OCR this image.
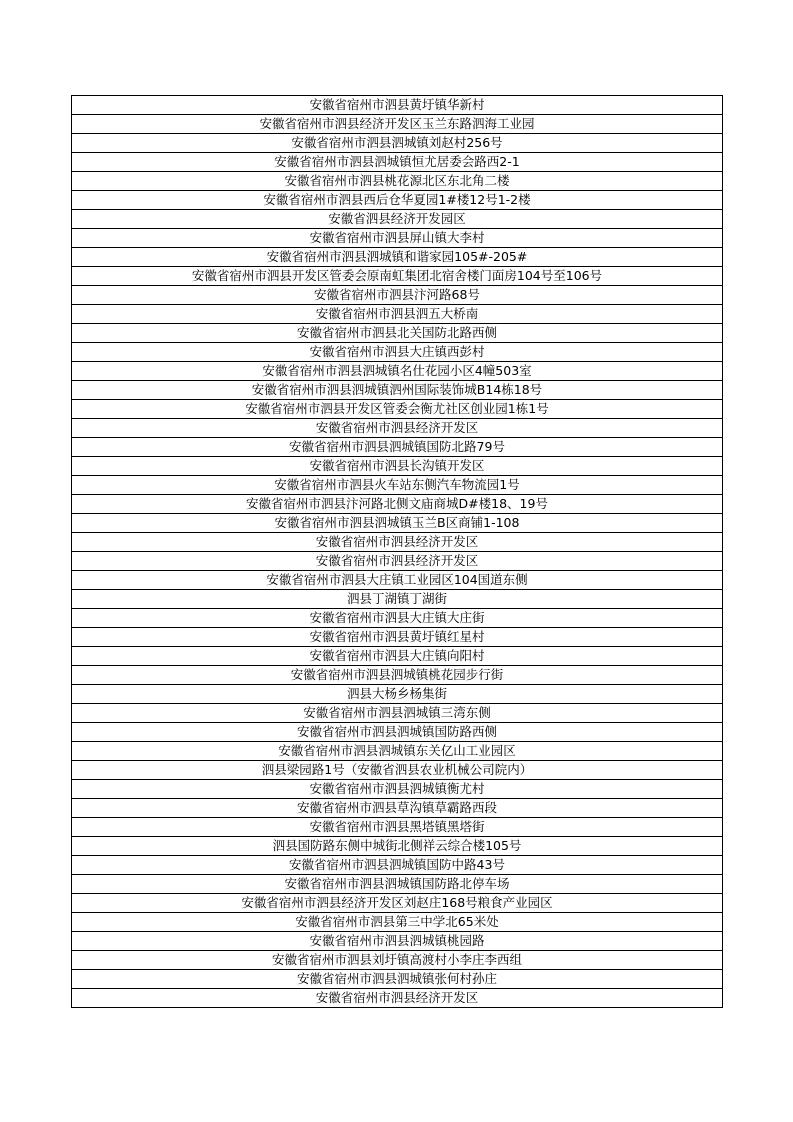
安徽省宿州市泗县黄圩镇华新村
安徽省宿州市泗县经济开发区玉兰东路泗海工业园
安徽省宿州市泗县泗城镇刘赵村256号
安徽省宿州市泗县泗城镇恒尤居委会路西2-1
安徽省宿州市泗县桃花源北区东北角二楼
安徽省宿州市泗县西后仓华夏园1#楼12号1-2楼
安徽省泗县经济开发园区
安徽省宿州市泗县屏山镇大李村
安徽省宿州市泗县泗城镇和谐家园105#-205#
安徽省宿州市泗县开发区管委会原南虹集团北宿舍楼门面房104号至106号
安徽省宿州市泗县汴河路68号
安徽省宿州市泗县泗五大桥南
安徽省宿州市泗县北关国防北路西侧
安徽省宿州市泗县大庄镇西彭村
安徽省宿州市泗县泗城镇名仕花园小区4幢503室
安徽省宿州市泗县泗城镇泗州国际装饰城B14栋18号
安徽省宿州市泗县开发区管委会衡尤社区创业园1栋1号
安徽省宿州市泗县经济开发区
安徽省宿州市泗县泗城镇国防北路79号
安徽省宿州市泗县长沟镇开发区
安徽省宿州市泗县火车站东侧汽车物流园1号
安徽省宿州市泗县汴河路北侧文庙商城D#楼18、19号
安徽省宿州市泗县泗城镇玉兰B区商铺1-108
安徽省宿州市泗县经济开发区
安徽省宿州市泗县经济开发区
安徽省宿州市泗县大庄镇工业园区104国道东侧
泗县丁湖镇丁湖街
安徽省宿州市泗县大庄镇大庄街
安徽省宿州市泗县黄圩镇红星村
安徽省宿州市泗县大庄镇向阳村
安徽省宿州市泗县泗城镇桃花园步行街
泗县大杨乡杨集街
安徽省宿州市泗县泗城镇三湾东侧
安徽省宿州市泗县泗城镇国防路西侧
安徽省宿州市泗县泗城镇东关亿山工业园区
泗县梁园路1号（安徽省泗县农业机械公司院内）
安徽省宿州市泗县泗城镇衡尤村
安徽省宿州市泗县草沟镇草霸路西段
安徽省宿州市泗县黑塔镇黑塔街
泗县国防路东侧中城街北侧祥云综合楼105号
安徽省宿州市泗县泗城镇国防中路43号
安徽省宿州市泗县泗城镇国防路北停车场
安徽省宿州市泗县经济开发区刘赵庄168号粮食产业园区
安徽省宿州市泗县第三中学北65米处
安徽省宿州市泗县泗城镇桃园路
安徽省宿州市泗县刘圩镇高渡村小李庄李西组
安徽省宿州市泗县泗城镇张何村孙庄
安徽省宿州市泗县经济开发区
